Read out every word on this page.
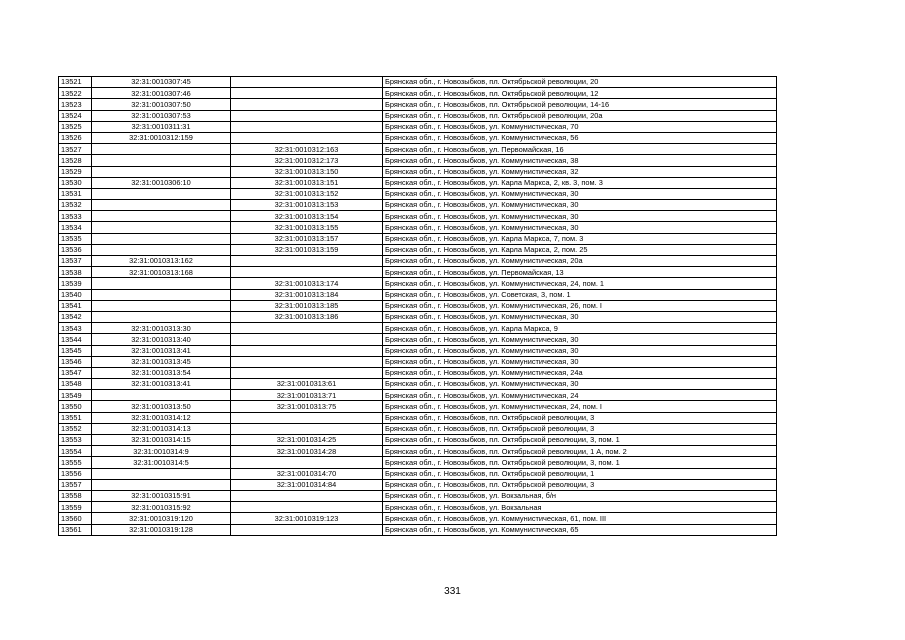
13521	32:31:0010307:45		Брянская обл., г. Новозыбков, пл. Октябрьской революции, 20
13522	32:31:0010307:46		Брянская обл., г. Новозыбков, пл. Октябрьской революции, 12
13523	32:31:0010307:50		Брянская обл., г. Новозыбков, пл. Октябрьской революции, 14-16
13524	32:31:0010307:53		Брянская обл., г. Новозыбков, пл. Октябрьской революции, 20а
13525	32:31:0010311:31		Брянская обл., г. Новозыбков, ул. Коммунистическая, 70
13526	32:31:0010312:159		Брянская обл., г. Новозыбков, ул. Коммунистическая, 56
13527		32:31:0010312:163	Брянская обл., г. Новозыбков, ул. Первомайская, 16
13528		32:31:0010312:173	Брянская обл., г. Новозыбков, ул. Коммунистическая, 38
13529		32:31:0010313:150	Брянская обл., г. Новозыбков, ул. Коммунистическая, 32
13530	32:31:0010306:10	32:31:0010313:151	Брянская обл., г. Новозыбков, ул. Карла Маркса, 2, кв. 3, пом. 3
13531		32:31:0010313:152	Брянская обл., г. Новозыбков, ул. Коммунистическая, 30
13532		32:31:0010313:153	Брянская обл., г. Новозыбков, ул. Коммунистическая, 30
13533		32:31:0010313:154	Брянская обл., г. Новозыбков, ул. Коммунистическая, 30
13534		32:31:0010313:155	Брянская обл., г. Новозыбков, ул. Коммунистическая, 30
13535		32:31:0010313:157	Брянская обл., г. Новозыбков, ул. Карла Маркса, 7, пом. 3
13536		32:31:0010313:159	Брянская обл., г. Новозыбков, ул. Карла Маркса, 2, пом. 25
13537	32:31:0010313:162		Брянская обл., г. Новозыбков, ул. Коммунистическая, 20а
13538	32:31:0010313:168		Брянская обл., г. Новозыбков, ул. Первомайская, 13
13539		32:31:0010313:174	Брянская обл., г. Новозыбков, ул. Коммунистическая, 24, пом. 1
13540		32:31:0010313:184	Брянская обл., г. Новозыбков, ул. Советская, 3, пом. 1
13541		32:31:0010313:185	Брянская обл., г. Новозыбков, ул. Коммунистическая, 26, пом. I
13542		32:31:0010313:186	Брянская обл., г. Новозыбков, ул. Коммунистическая, 30
13543	32:31:0010313:30		Брянская обл., г. Новозыбков, ул. Карла Маркса, 9
13544	32:31:0010313:40		Брянская обл., г. Новозыбков, ул. Коммунистическая, 30
13545	32:31:0010313:41		Брянская обл., г. Новозыбков, ул. Коммунистическая, 30
13546	32:31:0010313:45		Брянская обл., г. Новозыбков, ул. Коммунистическая, 30
13547	32:31:0010313:54		Брянская обл., г. Новозыбков, ул. Коммунистическая, 24а
13548	32:31:0010313:41	32:31:0010313:61	Брянская обл., г. Новозыбков, ул. Коммунистическая, 30
13549		32:31:0010313:71	Брянская обл., г. Новозыбков, ул. Коммунистическая, 24
13550	32:31:0010313:50	32:31:0010313:75	Брянская обл., г. Новозыбков, ул. Коммунистическая, 24, пом. I
13551	32:31:0010314:12		Брянская обл., г. Новозыбков, пл. Октябрьской революции, 3
13552	32:31:0010314:13		Брянская обл., г. Новозыбков, пл. Октябрьской революции, 3
13553	32:31:0010314:15	32:31:0010314:25	Брянская обл., г. Новозыбков, пл. Октябрьской революции, 3, пом. 1
13554	32:31:0010314:9	32:31:0010314:28	Брянская обл., г. Новозыбков, пл. Октябрьской революции, 1 А, пом. 2
13555	32:31:0010314:5		Брянская обл., г. Новозыбков, пл. Октябрьской революции, 3, пом. 1
13556		32:31:0010314:70	Брянская обл., г. Новозыбков, пл. Октябрьской революции, 1
13557		32:31:0010314:84	Брянская обл., г. Новозыбков, пл. Октябрьской революции, 3
13558	32:31:0010315:91		Брянская обл., г. Новозыбков, ул. Вокзальная, б/н
13559	32:31:0010315:92		Брянская обл., г. Новозыбков, ул. Вокзальная
13560	32:31:0010319:120	32:31:0010319:123	Брянская обл., г. Новозыбков, ул. Коммунистическая, 61, пом. III
13561	32:31:0010319:128		Брянская обл., г. Новозыбков, ул. Коммунистическая, 65
331
